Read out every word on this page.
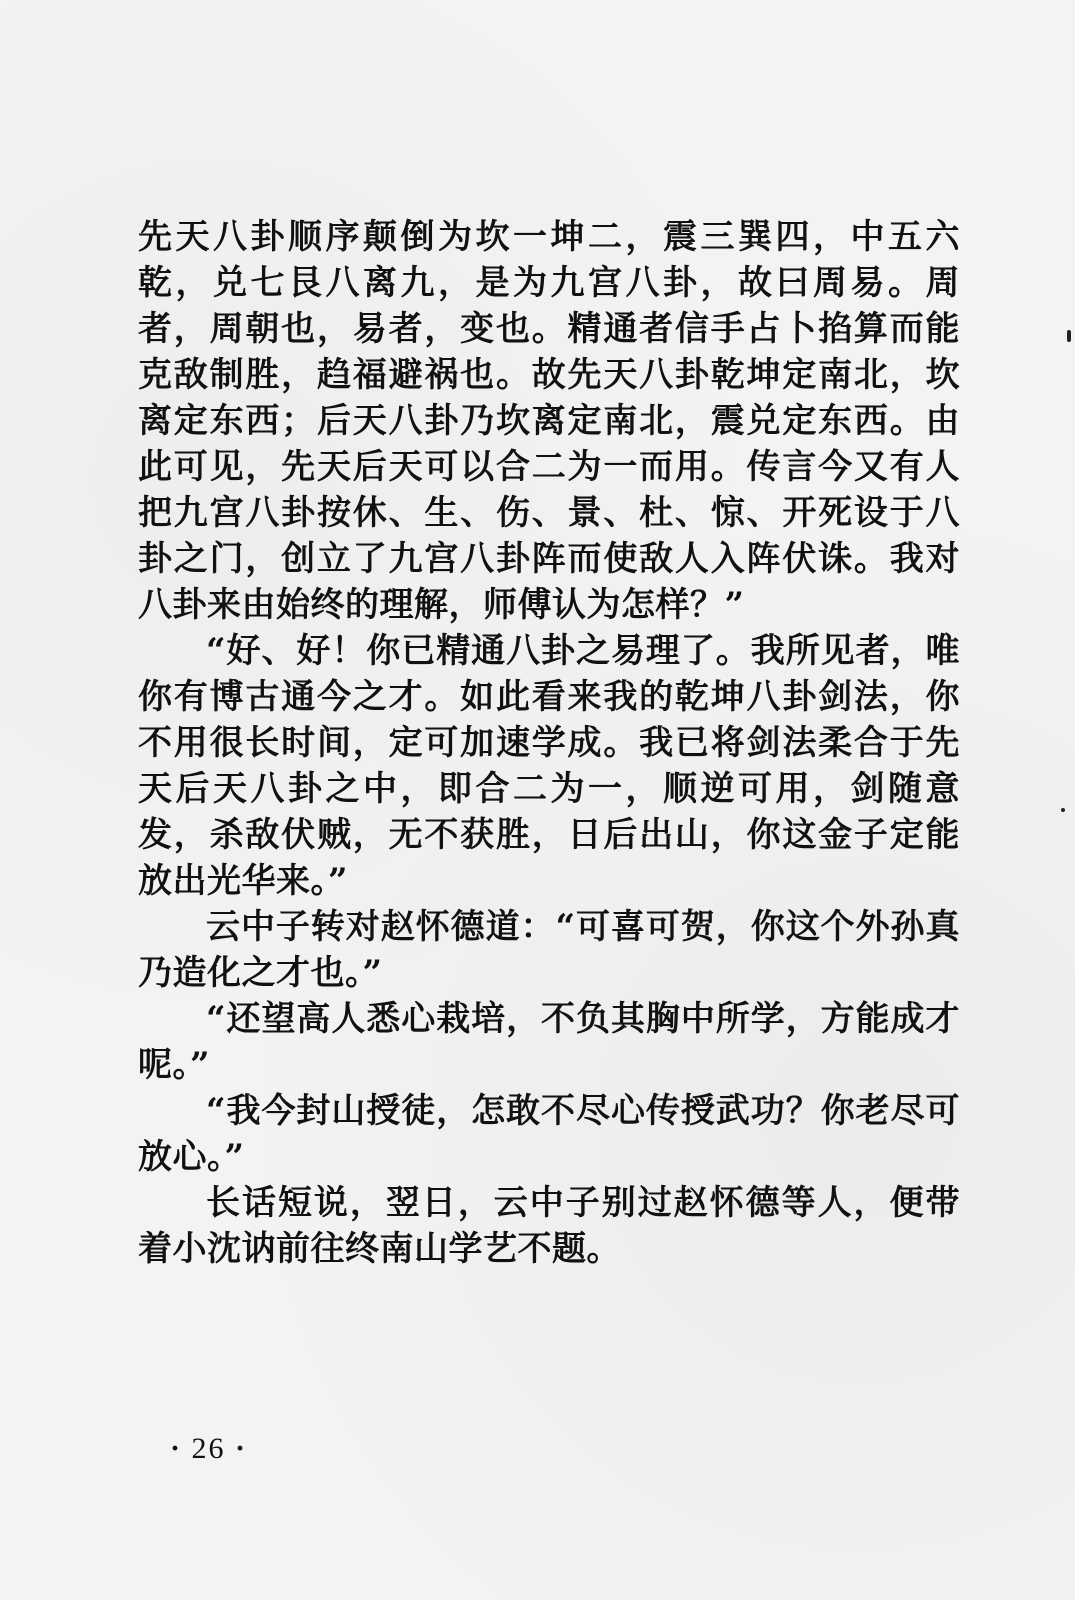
先天八卦顺序颠倒为坎一坤二，震三巽四，中五六乾，兑七艮八离九，是为九宫八卦，故曰周易。周者，周朝也，易者，变也。精通者信手占卜掐算而能克敌制胜，趋福避祸也。故先天八卦乾坤定南北，坎离定东西；后天八卦乃坎离定南北，震兑定东西。由此可见，先天后天可以合二为一而用。传言今又有人把九宫八卦按休、生、伤、景、杜、惊、开死设于八卦之门，创立了九宫八卦阵而使敌人入阵伏诛。我对八卦来由始终的理解，师傅认为怎样？”

“好、好！你已精通八卦之易理了。我所见者，唯你有博古通今之才。如此看来我的乾坤八卦剑法，你不用很长时间，定可加速学成。我已将剑法柔合于先天后天八卦之中，即合二为一，顺逆可用，剑随意发，杀敌伏贼，无不获胜，日后出山，你这金子定能放出光华来。”

云中子转对赵怀德道：“可喜可贺，你这个外孙真乃造化之才也。”

“还望高人悉心栽培，不负其胸中所学，方能成才呢。”

“我今封山授徒，怎敢不尽心传授武功？你老尽可放心。”

长话短说，翌日，云中子别过赵怀德等人，便带着小沈讷前往终南山学艺不题。

· 26 ·
